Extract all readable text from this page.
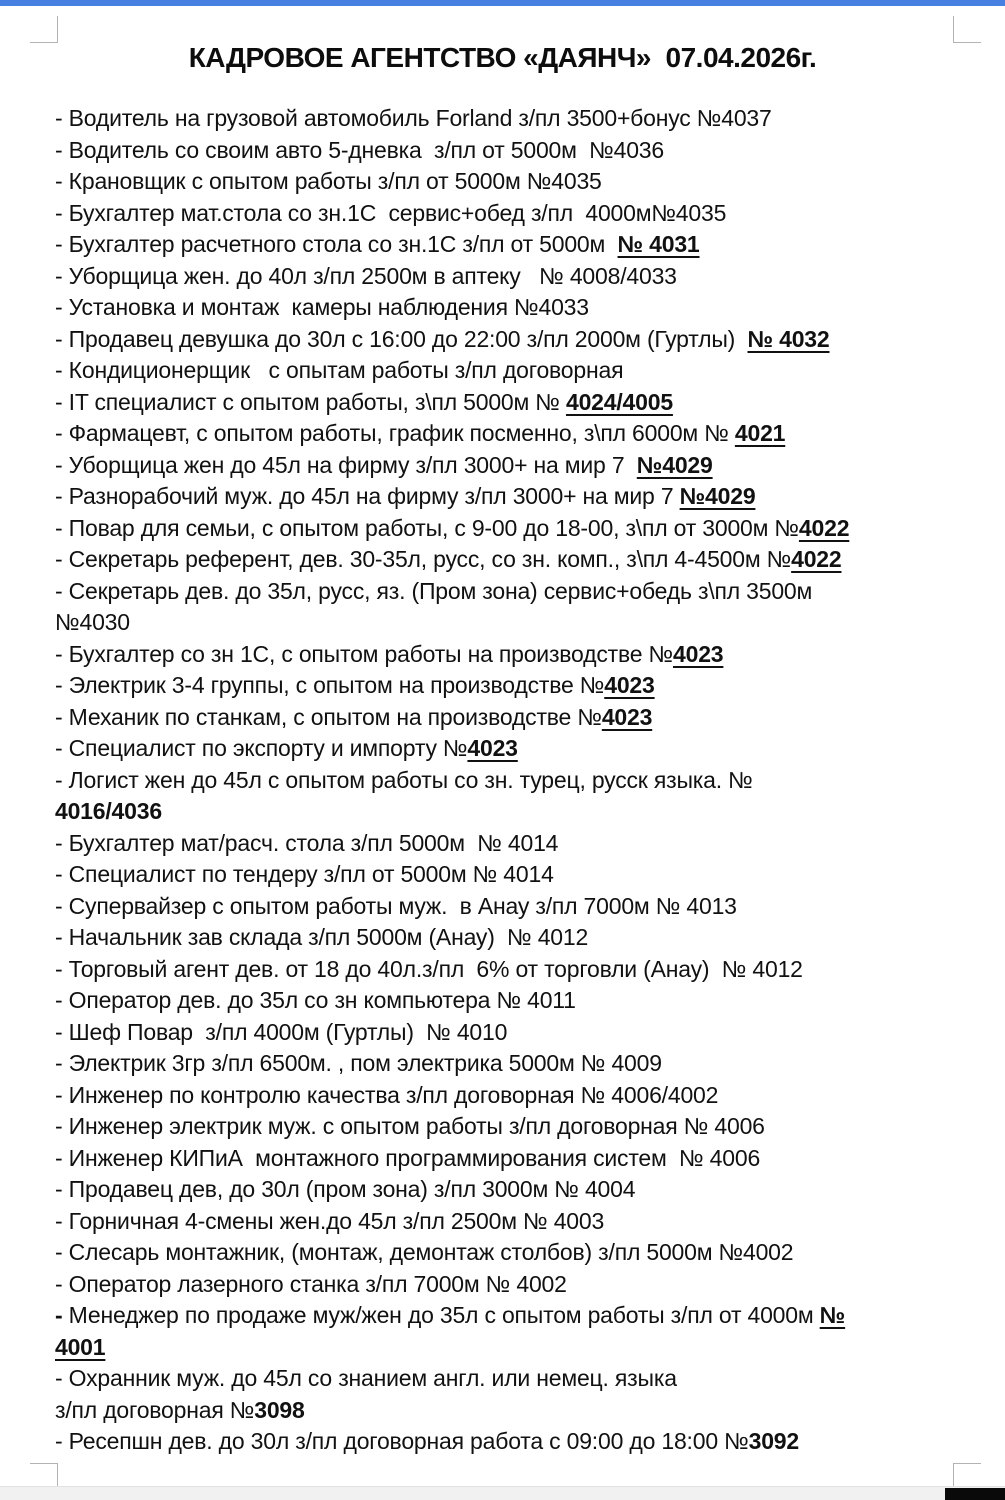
КАДРОВОЕ АГЕНТСТВО «ДАЯНЧ»  07.04.2026г.
- Водитель на грузовой автомобиль Forland з/пл 3500+бонус №4037
- Водитель со своим авто 5-дневка  з/пл от 5000м  №4036
- Крановщик с опытом работы з/пл от 5000м №4035
- Бухгалтер мат.стола со зн.1С  сервис+обед з/пл  4000м№4035
- Бухгалтер расчетного стола со зн.1С з/пл от 5000м  № 4031
- Уборщица жен. до 40л з/пл 2500м в аптеку   № 4008/4033
- Установка и монтаж  камеры наблюдения №4033
- Продавец девушка до 30л с 16:00 до 22:00 з/пл 2000м (Гуртлы)  № 4032
- Кондиционерщик   с опытам работы з/пл договорная
- IT специалист с опытом работы, з\пл 5000м № 4024/4005
- Фармацевт, с опытом работы, график посменно, з\пл 6000м № 4021
- Уборщица жен до 45л на фирму з/пл 3000+ на мир 7  №4029
- Разнорабочий муж. до 45л на фирму з/пл 3000+ на мир 7 №4029
- Повар для семьи, с опытом работы, с 9-00 до 18-00, з\пл от 3000м №4022
- Секретарь референт, дев. 30-35л, русс, со зн. комп., з\пл 4-4500м №4022
- Секретарь дев. до 35л, русс, яз. (Пром зона) сервис+обедь з\пл 3500м
№4030
- Бухгалтер со зн 1С, с опытом работы на производстве №4023
- Электрик 3-4 группы, с опытом на производстве №4023
- Механик по станкам, с опытом на производстве №4023
- Специалист по экспорту и импорту №4023
- Логист жен до 45л с опытом работы со зн. турец, русск языка. №
4016/4036
- Бухгалтер мат/расч. стола з/пл 5000м  № 4014
- Специалист по тендеру з/пл от 5000м № 4014
- Супервайзер с опытом работы муж.  в Анау з/пл 7000м № 4013
- Начальник зав склада з/пл 5000м (Анау)  № 4012
- Торговый агент дев. от 18 до 40л.з/пл  6% от торговли (Анау)  № 4012
- Оператор дев. до 35л со зн компьютера № 4011
- Шеф Повар  з/пл 4000м (Гуртлы)  № 4010
- Электрик 3гр з/пл 6500м. , пом электрика 5000м № 4009
- Инженер по контролю качества з/пл договорная № 4006/4002
- Инженер электрик муж. с опытом работы з/пл договорная № 4006
- Инженер КИПиА  монтажного программирования систем  № 4006
- Продавец дев, до 30л (пром зона) з/пл 3000м № 4004
- Горничная 4-смены жен.до 45л з/пл 2500м № 4003
- Слесарь монтажник, (монтаж, демонтаж столбов) з/пл 5000м №4002
- Оператор лазерного станка з/пл 7000м № 4002
- Менеджер по продаже муж/жен до 35л с опытом работы з/пл от 4000м №
4001
- Охранник муж. до 45л со знанием англ. или немец. языка
з/пл договорная №3098
- Ресепшн дев. до 30л з/пл договорная работа с 09:00 до 18:00 №3092
